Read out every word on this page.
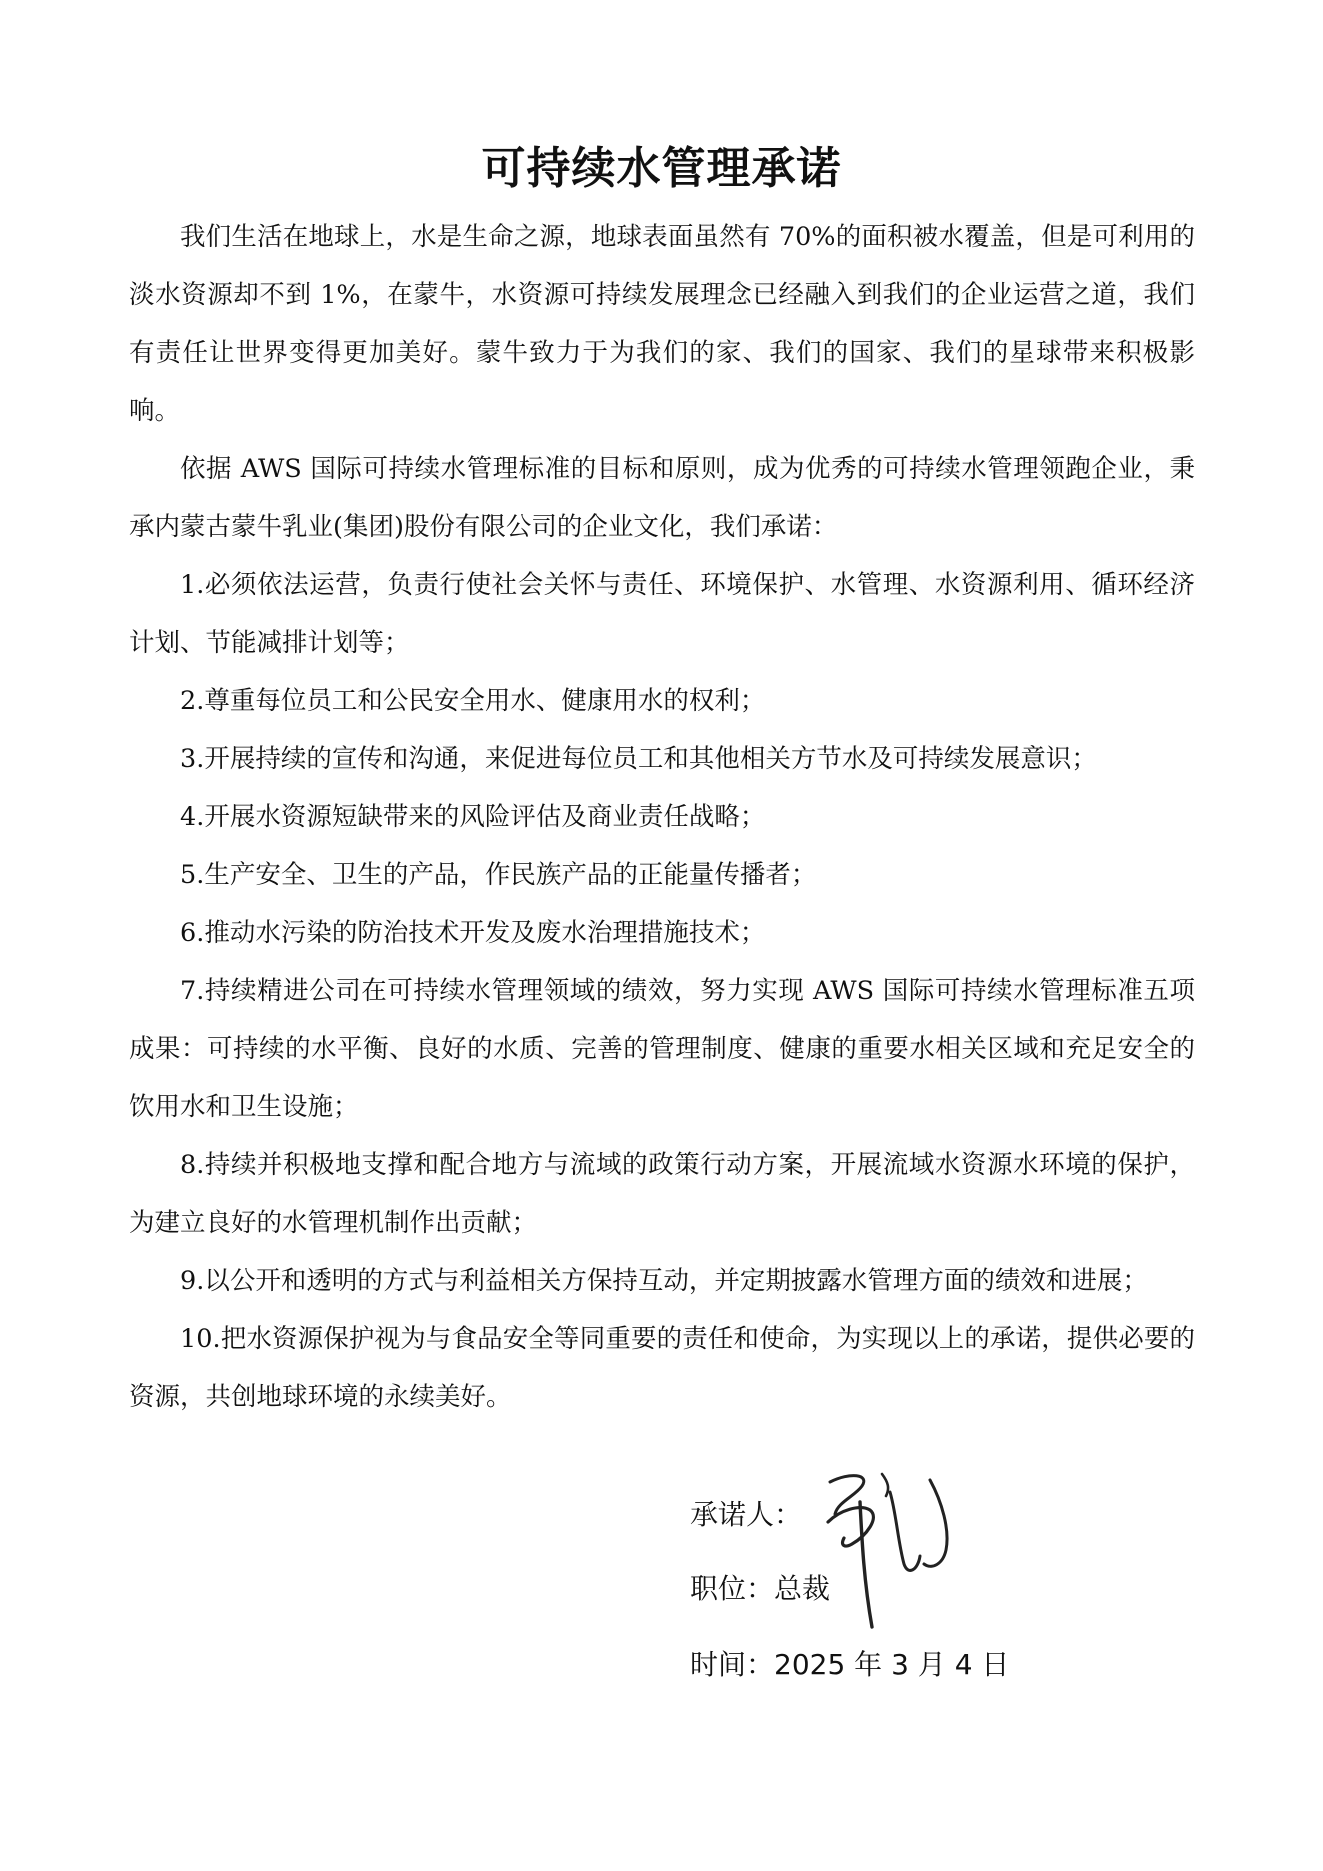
可持续水管理承诺

我们生活在地球上，水是生命之源，地球表面虽然有 70%的面积被水覆盖，但是可利用的淡水资源却不到 1%，在蒙牛，水资源可持续发展理念已经融入到我们的企业运营之道，我们有责任让世界变得更加美好。蒙牛致力于为我们的家、我们的国家、我们的星球带来积极影响。

依据 AWS 国际可持续水管理标准的目标和原则，成为优秀的可持续水管理领跑企业，秉承内蒙古蒙牛乳业(集团)股份有限公司的企业文化，我们承诺：

1.必须依法运营，负责行使社会关怀与责任、环境保护、水管理、水资源利用、循环经济计划、节能减排计划等；

2.尊重每位员工和公民安全用水、健康用水的权利；

3.开展持续的宣传和沟通，来促进每位员工和其他相关方节水及可持续发展意识；

4.开展水资源短缺带来的风险评估及商业责任战略；

5.生产安全、卫生的产品，作民族产品的正能量传播者；

6.推动水污染的防治技术开发及废水治理措施技术；

7.持续精进公司在可持续水管理领域的绩效，努力实现 AWS 国际可持续水管理标准五项成果：可持续的水平衡、良好的水质、完善的管理制度、健康的重要水相关区域和充足安全的饮用水和卫生设施；

8.持续并积极地支撑和配合地方与流域的政策行动方案，开展流域水资源水环境的保护，为建立良好的水管理机制作出贡献；

9.以公开和透明的方式与利益相关方保持互动，并定期披露水管理方面的绩效和进展；

10.把水资源保护视为与食品安全等同重要的责任和使命，为实现以上的承诺，提供必要的资源，共创地球环境的永续美好。

承诺人：
职位：总裁
时间：2025 年 3 月 4 日
